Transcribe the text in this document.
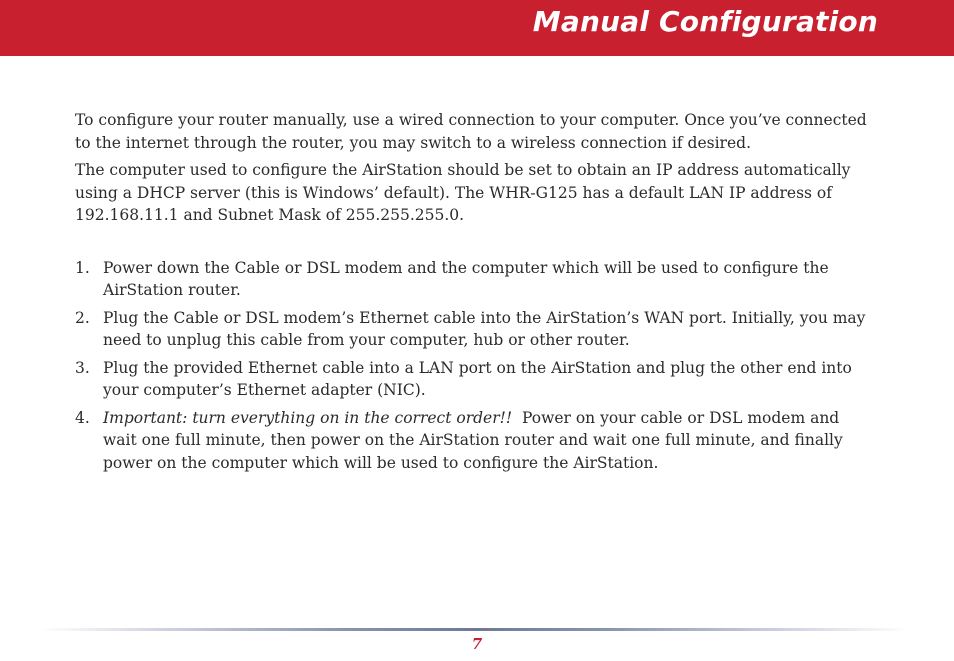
Manual Configuration

To configure your router manually, use a wired connection to your computer. Once you’ve connected to the internet through the router, you may switch to a wireless connection if desired.

The computer used to configure the AirStation should be set to obtain an IP address automatically using a DHCP server (this is Windows’ default). The WHR-G125 has a default LAN IP address of 192.168.11.1 and Subnet Mask of 255.255.255.0.

1. Power down the Cable or DSL modem and the computer which will be used to configure the AirStation router.
2. Plug the Cable or DSL modem’s Ethernet cable into the AirStation’s WAN port. Initially, you may need to unplug this cable from your computer, hub or other router.
3. Plug the provided Ethernet cable into a LAN port on the AirStation and plug the other end into your computer’s Ethernet adapter (NIC).
4. Important: turn everything on in the correct order!! Power on your cable or DSL modem and wait one full minute, then power on the AirStation router and wait one full minute, and finally power on the computer which will be used to configure the AirStation.
7
